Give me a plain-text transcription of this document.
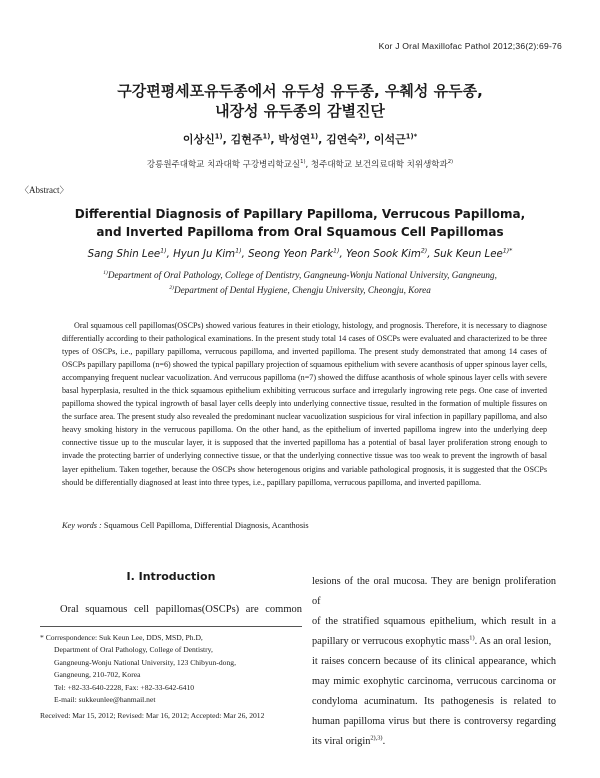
Kor J Oral Maxillofac Pathol 2012;36(2):69-76
구강편평세포유두종에서 유두성 유두종, 우췌성 유두종,
내장성 유두종의 감별진단
이상신$^{1)}$, 김현주$^{1)}$, 박성연$^{1)}$, 김연숙$^{2)}$, 이석근$^{1)*}$
강릉원주대학교 치과대학 구강병리학교실$^{1)}$, 청주대학교 보건의료대학 치위생학과$^{2)}$
〈Abstract〉
Differential Diagnosis of Papillary Papilloma, Verrucous Papilloma,
and Inverted Papilloma from Oral Squamous Cell Papillomas
Sang Shin Lee$^{1)}$, Hyun Ju Kim$^{1)}$, Seong Yeon Park$^{1)}$, Yeon Sook Kim$^{2)}$, Suk Keun Lee$^{1)*}$
$^{1)}$Department of Oral Pathology, College of Dentistry, Gangneung-Wonju National University, Gangneung,
$^{2)}$Department of Dental Hygiene, Chengju University, Cheongju, Korea

Oral squamous cell papillomas(OSCPs) showed various features in their etiology, histology, and prognosis. Therefore, it is necessary to diagnose differentially according to their pathological examinations. In the present study total 14 cases of OSCPs were evaluated and characterized to be three types of OSCPs, i.e., papillary papilloma, verrucous papilloma, and inverted papilloma. The present study demonstrated that among 14 cases of OSCPs papillary papilloma (n=6) showed the typical papillary projection of squamous epithelium with severe acanthosis of upper spinous layer cells, accompanying frequent nuclear vacuolization. And verrucous papilloma (n=7) showed the diffuse acanthosis of whole spinous layer cells with severe basal hyperplasia, resulted in the thick squamous epithelium exhibiting verrucous surface and irregularly ingrowing rete pegs. One case of inverted papilloma showed the typical ingrowth of basal layer cells deeply into underlying connective tissue, resulted in the formation of multiple fissures on the surface area. The present study also revealed the predominant nuclear vacuolization suspicious for viral infection in papillary papilloma, and also heavy smoking history in the verrucous papilloma. On the other hand, as the epithelium of inverted papilloma ingrew into the underlying deep connective tissue up to the muscular layer, it is supposed that the inverted papilloma has a potential of basal layer proliferation strong enough to invade the protecting barrier of underlying connective tissue, or that the underlying connective tissue was too weak to prevent the ingrowth of basal layer epithelium. Taken together, because the OSCPs show heterogenous origins and variable pathological prognosis, it is suggested that the OSCPs should be differentially diagnosed at least into three types, i.e., papillary papilloma, verrucous papilloma, and inverted papilloma.

Key words : Squamous Cell Papilloma, Differential Diagnosis, Acanthosis
Ⅰ. Introduction

Oral squamous cell papillomas(OSCPs) are common

* Correspondence: Suk Keun Lee, DDS, MSD, Ph.D,
Department of Oral Pathology, College of Dentistry,
Gangneung-Wonju National University, 123 Chibyun-dong,
Gangneung, 210-702, Korea
Tel: +82-33-640-2228, Fax: +82-33-642-6410
E-mail: sukkeunlee@hanmail.net
Received: Mar 15, 2012; Revised: Mar 16, 2012; Accepted: Mar 26, 2012
lesions of the oral mucosa. They are benign proliferation of
of the stratified squamous epithelium, which result in a
papillary or verrucous exophytic mass$^{1)}$. As an oral lesion,
it raises concern because of its clinical appearance, which
may mimic exophytic carcinoma, verrucous carcinoma or
condyloma acuminatum. Its pathogenesis is related to
human papilloma virus but there is controversy regarding
its viral origin$^{2),3)}$.
